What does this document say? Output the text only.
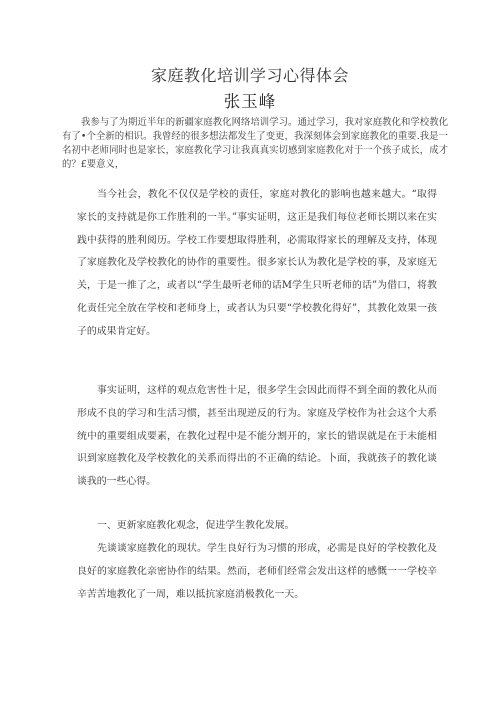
家庭教化培训学习心得体会
张玉峰
我参与了为期近半年的新疆家庭教化网络培训学习。通过学习，我对家庭教化和学校教化有了•个全新的相识。我曾经的很多想法都发生了变更，我深刻体会到家庭教化的重要.我是一名初中老师同时也是家长，家庭教化学习让我真真实切感到家庭教化对于一个孩子成长，成才的？£要意义，

当今社会，教化不仅仅是学校的责任，家庭对教化的影响也越来越大。“取得家长的支持就是你工作胜利的一半。”事实证明，这正是我们每位老师长期以来在实践中获得的胜利阅历。学校工作要想取得胜利，必需取得家长的理解及支持，体现了家庭教化及学校教化的协作的重要性。很多家长认为教化是学校的事，及家庭无关，于是一推了之，或者以“学生最听老师的话M学生只听老师的话”为借口，将教化责任完全放在学校和老师身上，或者认为只要“学校教化得好”，其教化效果一孩子的成果肯定好。

事实证明，这样的观点危害性十足，很多学生会因此而得不到全面的教化从而形成不良的学习和生活习惯，甚至出现逆反的行为。家庭及学校作为社会这个大系统中的重要组成要素，在教化过程中是不能分割开的，家长的错误就是在于未能相识到家庭教化及学校教化的关系而得出的不正确的结论。卜面，我就孩子的教化谈谈我的一些心得。

一、更新家庭教化观念，促进学生教化发展。

先谈谈家庭教化的现状。学生良好行为习惯的形成，必需是良好的学校教化及良好的家庭教化亲密协作的结果。然而，老师们经常会发出这样的感慨一一学校辛辛苦苦地教化了一周，难以抵抗家庭消极教化一天。
